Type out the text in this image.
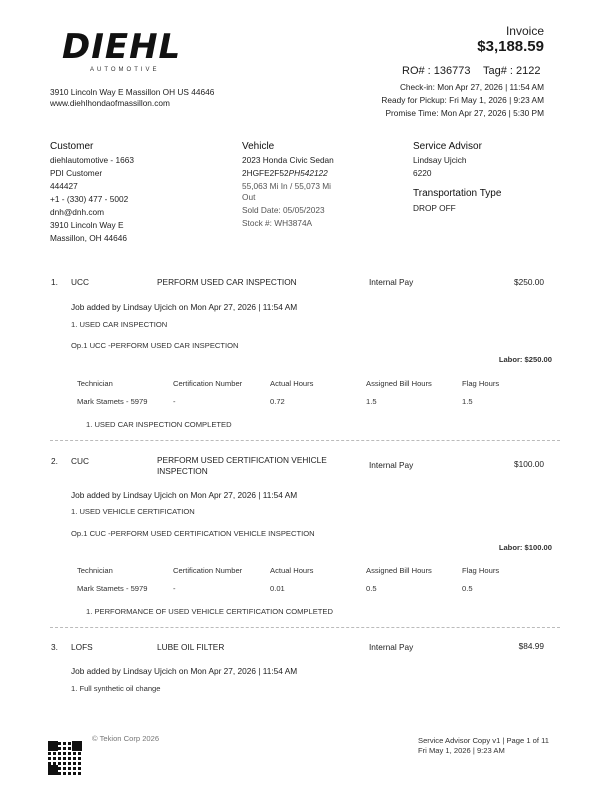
DIEHL
AUTOMOTIVE
3910 Lincoln Way E Massillon OH US 44646
www.diehlhondaofmassillon.com
Invoice
$3,188.59
RO# : 136773 Tag# : 2122
Check-in: Mon Apr 27, 2026 | 11:54 AM
Ready for Pickup: Fri May 1, 2026 | 9:23 AM
Promise Time: Mon Apr 27, 2026 | 5:30 PM
Customer
diehlautomotive - 1663
PDI Customer
444427
+1 - (330) 477 - 5002
dnh@dnh.com
3910 Lincoln Way E
Massillon, OH 44646
Vehicle
2023 Honda Civic Sedan
2HGFE2F52PH542122
55,063 Mi In / 55,073 Mi
Out
Sold Date: 05/05/2023
Stock #: WH3874A
Service Advisor
Lindsay Ujcich
6220
Transportation Type
DROP OFF
1. UCC	PERFORM USED CAR INSPECTION	Internal Pay	$250.00
Job added by Lindsay Ujcich on Mon Apr 27, 2026 | 11:54 AM
1. USED CAR INSPECTION
Op.1 UCC -PERFORM USED CAR INSPECTION
Labor: $250.00
Technician	Certification Number	Actual Hours	Assigned Bill Hours	Flag Hours
Mark Stamets - 5979	-	0.72	1.5	1.5
1. USED CAR INSPECTION COMPLETED
2. CUC	PERFORM USED CERTIFICATION VEHICLE
INSPECTION
Internal Pay	$100.00
Job added by Lindsay Ujcich on Mon Apr 27, 2026 | 11:54 AM
1. USED VEHICLE CERTIFICATION
Op.1 CUC -PERFORM USED CERTIFICATION VEHICLE INSPECTION
Labor: $100.00
Technician	Certification Number	Actual Hours	Assigned Bill Hours	Flag Hours
Mark Stamets - 5979	-	0.01	0.5	0.5
1. PERFORMANCE OF USED VEHICLE CERTIFICATION COMPLETED
3. LOFS	LUBE OIL FILTER	Internal Pay	$84.99
Job added by Lindsay Ujcich on Mon Apr 27, 2026 | 11:54 AM
1. Full synthetic oil change
© Tekion Corp 2026	Service Advisor Copy v1 | Page 1 of 11
Fri May 1, 2026 | 9:23 AM
